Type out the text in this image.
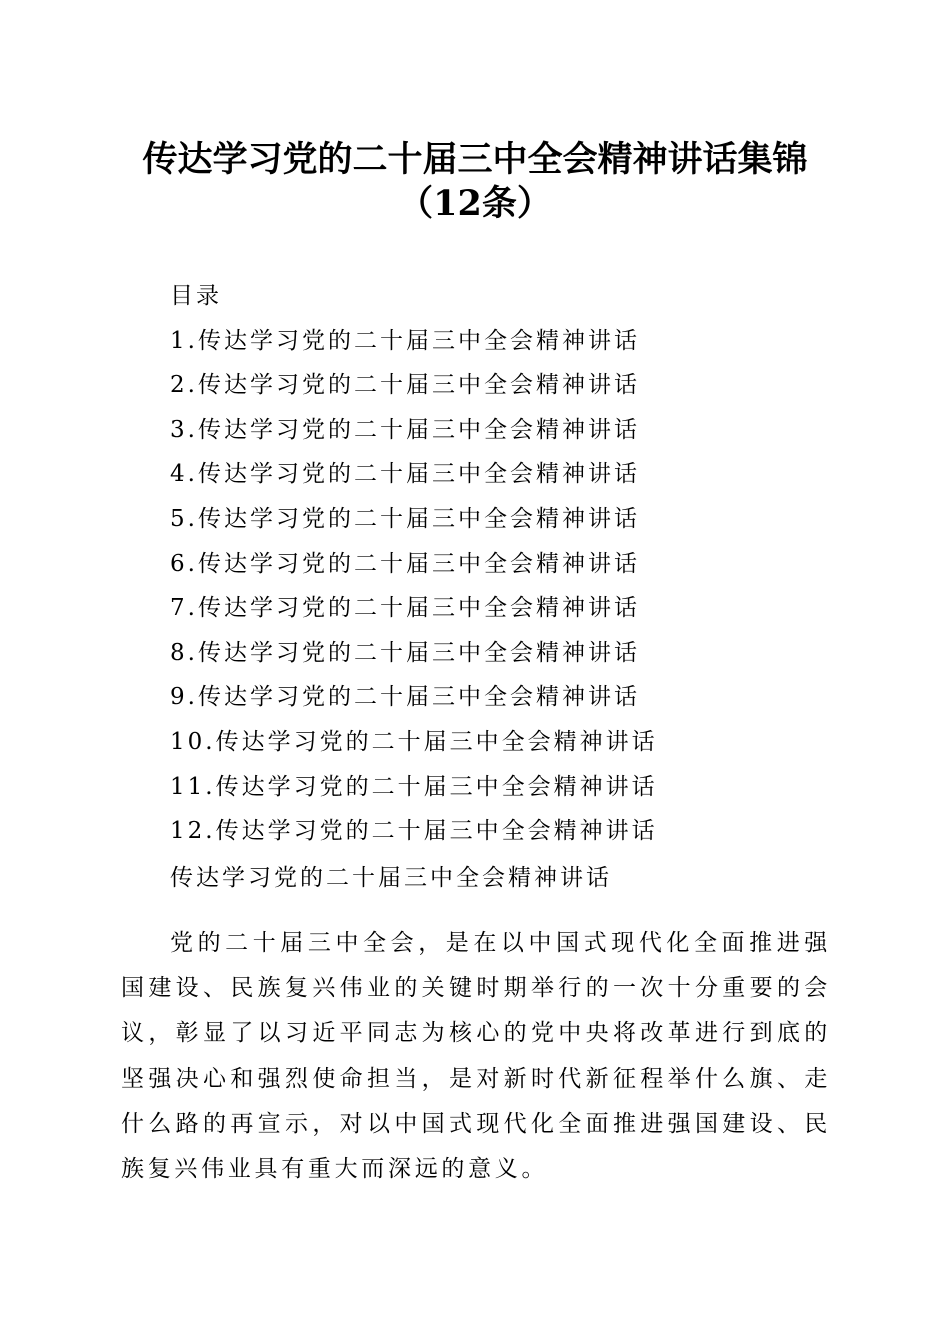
传达学习党的二十届三中全会精神讲话集锦
（12条）
目录
1.传达学习党的二十届三中全会精神讲话
2.传达学习党的二十届三中全会精神讲话
3.传达学习党的二十届三中全会精神讲话
4.传达学习党的二十届三中全会精神讲话
5.传达学习党的二十届三中全会精神讲话
6.传达学习党的二十届三中全会精神讲话
7.传达学习党的二十届三中全会精神讲话
8.传达学习党的二十届三中全会精神讲话
9.传达学习党的二十届三中全会精神讲话
10.传达学习党的二十届三中全会精神讲话
11.传达学习党的二十届三中全会精神讲话
12.传达学习党的二十届三中全会精神讲话
传达学习党的二十届三中全会精神讲话

党的二十届三中全会，是在以中国式现代化全面推进强国建设、民族复兴伟业的关键时期举行的一次十分重要的会议，彰显了以习近平同志为核心的党中央将改革进行到底的坚强决心和强烈使命担当，是对新时代新征程举什么旗、走什么路的再宣示，对以中国式现代化全面推进强国建设、民族复兴伟业具有重大而深远的意义。
